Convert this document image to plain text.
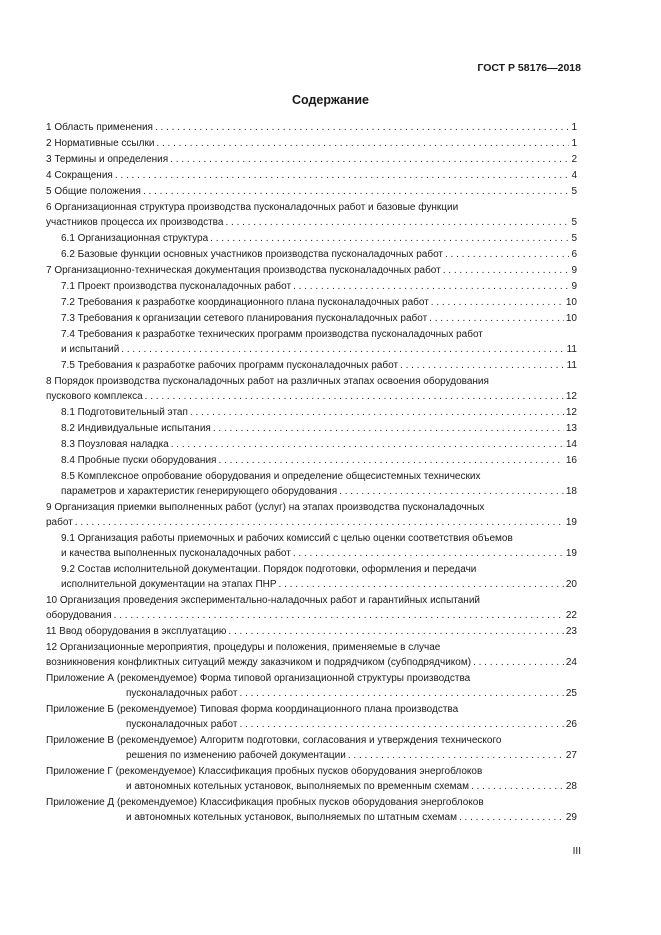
ГОСТ Р 58176—2018
Содержание
1 Область применения . . .	1
2 Нормативные ссылки . . .	1
3 Термины и определения . . .	2
4 Сокращения . . .	4
5 Общие положения . . .	5
6 Организационная структура производства пусконаладочных работ и базовые функции
участников процесса их производства . . .	5
6.1 Организационная структура . . .	5
6.2 Базовые функции основных участников производства пусконаладочных работ . . .	6
7 Организационно-техническая документация производства пусконаладочных работ . . .	9
7.1 Проект производства пусконаладочных работ . . .	9
7.2 Требования к разработке координационного плана пусконаладочных работ . . .	10
7.3 Требования к организации сетевого планирования пусконаладочных работ . . .	10
7.4 Требования к разработке технических программ производства пусконаладочных работ
и испытаний . . .	11
7.5 Требования к разработке рабочих программ пусконаладочных работ . . .	11
8 Порядок производства пусконаладочных работ на различных этапах освоения оборудования
пускового комплекса . . .	12
8.1 Подготовительный этап . . .	12
8.2 Индивидуальные испытания . . .	13
8.3 Поузловая наладка . . .	14
8.4 Пробные пуски оборудования . . .	16
8.5 Комплексное опробование оборудования и определение общесистемных технических
параметров и характеристик генерирующего оборудования . . .	18
9 Организация приемки выполненных работ (услуг) на этапах производства пусконаладочных
работ . . .	19
9.1 Организация работы приемочных и рабочих комиссий с целью оценки соответствия объемов
и качества выполненных пусконаладочных работ . . .	19
9.2 Состав исполнительной документации. Порядок подготовки, оформления и передачи
исполнительной документации на этапах ПНР . . .	20
10 Организация проведения экспериментально-наладочных работ и гарантийных испытаний
оборудования . . .	22
11 Ввод оборудования в эксплуатацию . . .	23
12 Организационные мероприятия, процедуры и положения, применяемые в случае
возникновения конфликтных ситуаций между заказчиком и подрядчиком (субподрядчиком) . . .	24
Приложение А (рекомендуемое) Форма типовой организационной структуры производства
пусконаладочных работ . . .	25
Приложение Б (рекомендуемое) Типовая форма координационного плана производства
пусконаладочных работ . . .	26
Приложение В (рекомендуемое) Алгоритм подготовки, согласования и утверждения технического
решения по изменению рабочей документации . . .	27
Приложение Г (рекомендуемое) Классификация пробных пусков оборудования энергоблоков
и автономных котельных установок, выполняемых по временным схемам . . .	28
Приложение Д (рекомендуемое) Классификация пробных пусков оборудования энергоблоков
и автономных котельных установок, выполняемых по штатным схемам . . .	29
III
